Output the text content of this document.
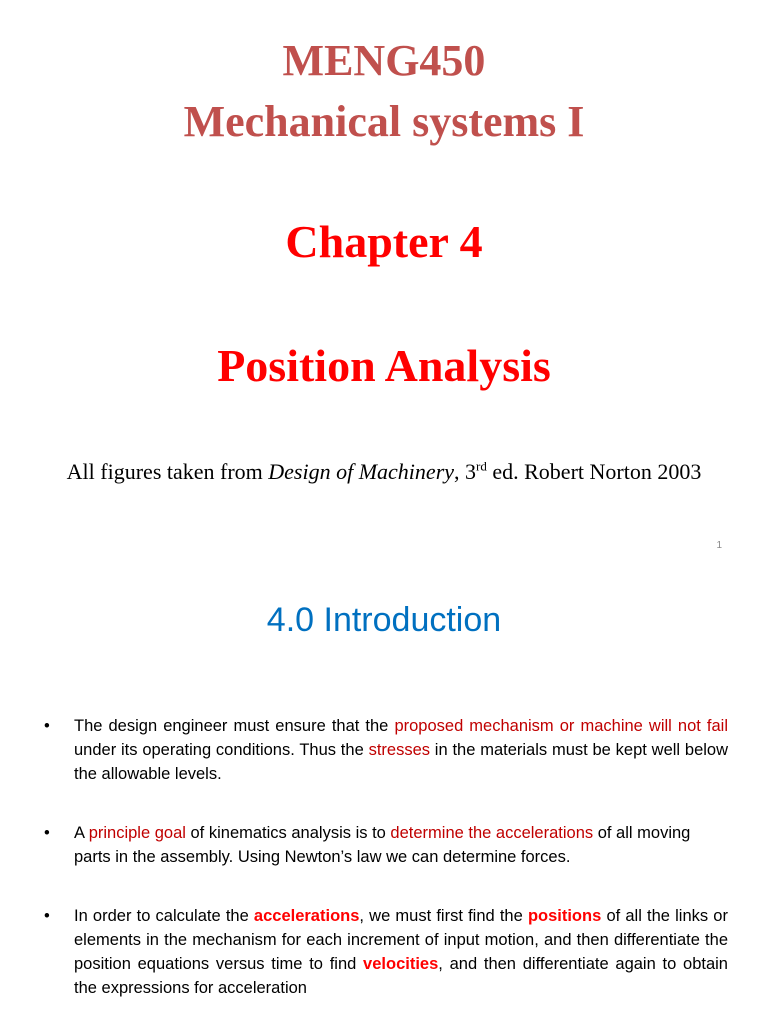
MENG450
Mechanical systems I
Chapter 4
Position Analysis
All figures taken from Design of Machinery, 3rd ed. Robert Norton 2003
1
4.0 Introduction
• The design engineer must ensure that the proposed mechanism or machine will not fail under its operating conditions. Thus the stresses in the materials must be kept well below the allowable levels.
• A principle goal of kinematics analysis is to determine the accelerations of all moving parts in the assembly. Using Newton’s law we can determine forces.
• In order to calculate the accelerations, we must first find the positions of all the links or elements in the mechanism for each increment of input motion, and then differentiate the position equations versus time to find velocities, and then differentiate again to obtain the expressions for acceleration
